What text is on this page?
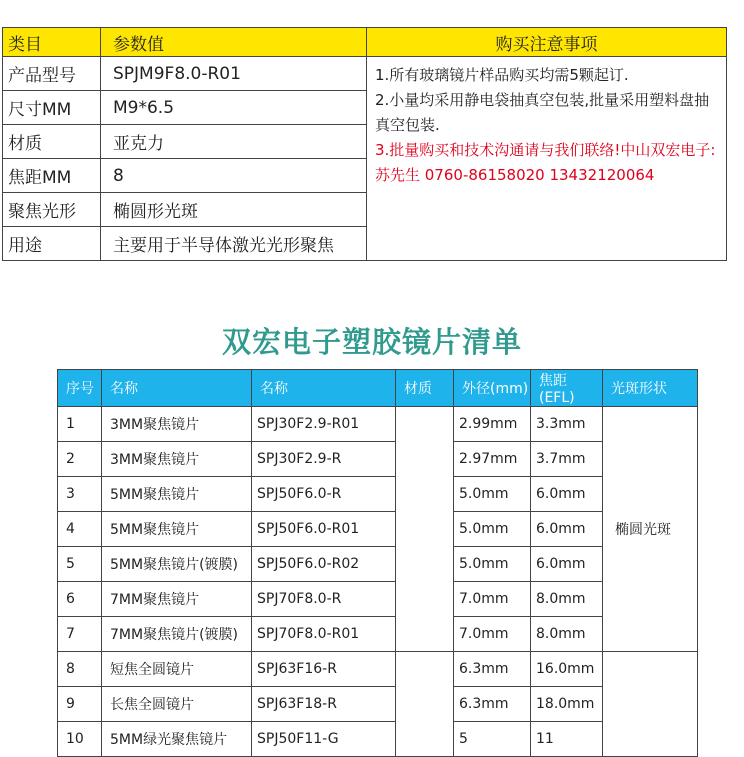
类目	参数值	购买注意事项
产品型号	SPJM9F8.0-R01	1.所有玻璃镜片样品购买均需5颗起订.

2.小量均采用静电袋抽真空包装,批量采用塑料盘抽真空包装.

3.批量购买和技术沟通请与我们联络!中山双宏电子:苏先生 0760-86158020 13432120064

尺寸MM	M9*6.5	
材质	亚克力	
焦距MM	8	
聚焦光形	椭圆形光斑	
用途	主要用于半导体激光光形聚焦	
双宏电子塑胶镜片清单
序号	名称	名称	材质	外径(mm)	焦距(EFL)	光斑形状
1	3MM聚焦镜片	SPJ30F2.9-R01		2.99mm	3.3mm	椭圆光斑
2	3MM聚焦镜片	SPJ30F2.9-R		2.97mm	3.7mm	
3	5MM聚焦镜片	SPJ50F6.0-R		5.0mm	6.0mm	
4	5MM聚焦镜片	SPJ50F6.0-R01		5.0mm	6.0mm	
5	5MM聚焦镜片(镀膜)	SPJ50F6.0-R02		5.0mm	6.0mm	
6	7MM聚焦镜片	SPJ70F8.0-R		7.0mm	8.0mm	
7	7MM聚焦镜片(镀膜)	SPJ70F8.0-R01		7.0mm	8.0mm	
8	短焦全圆镜片	SPJ63F16-R		6.3mm	16.0mm	
9	长焦全圆镜片	SPJ63F18-R		6.3mm	18.0mm	
10	5MM绿光聚焦镜片	SPJ50F11-G		5	11	
